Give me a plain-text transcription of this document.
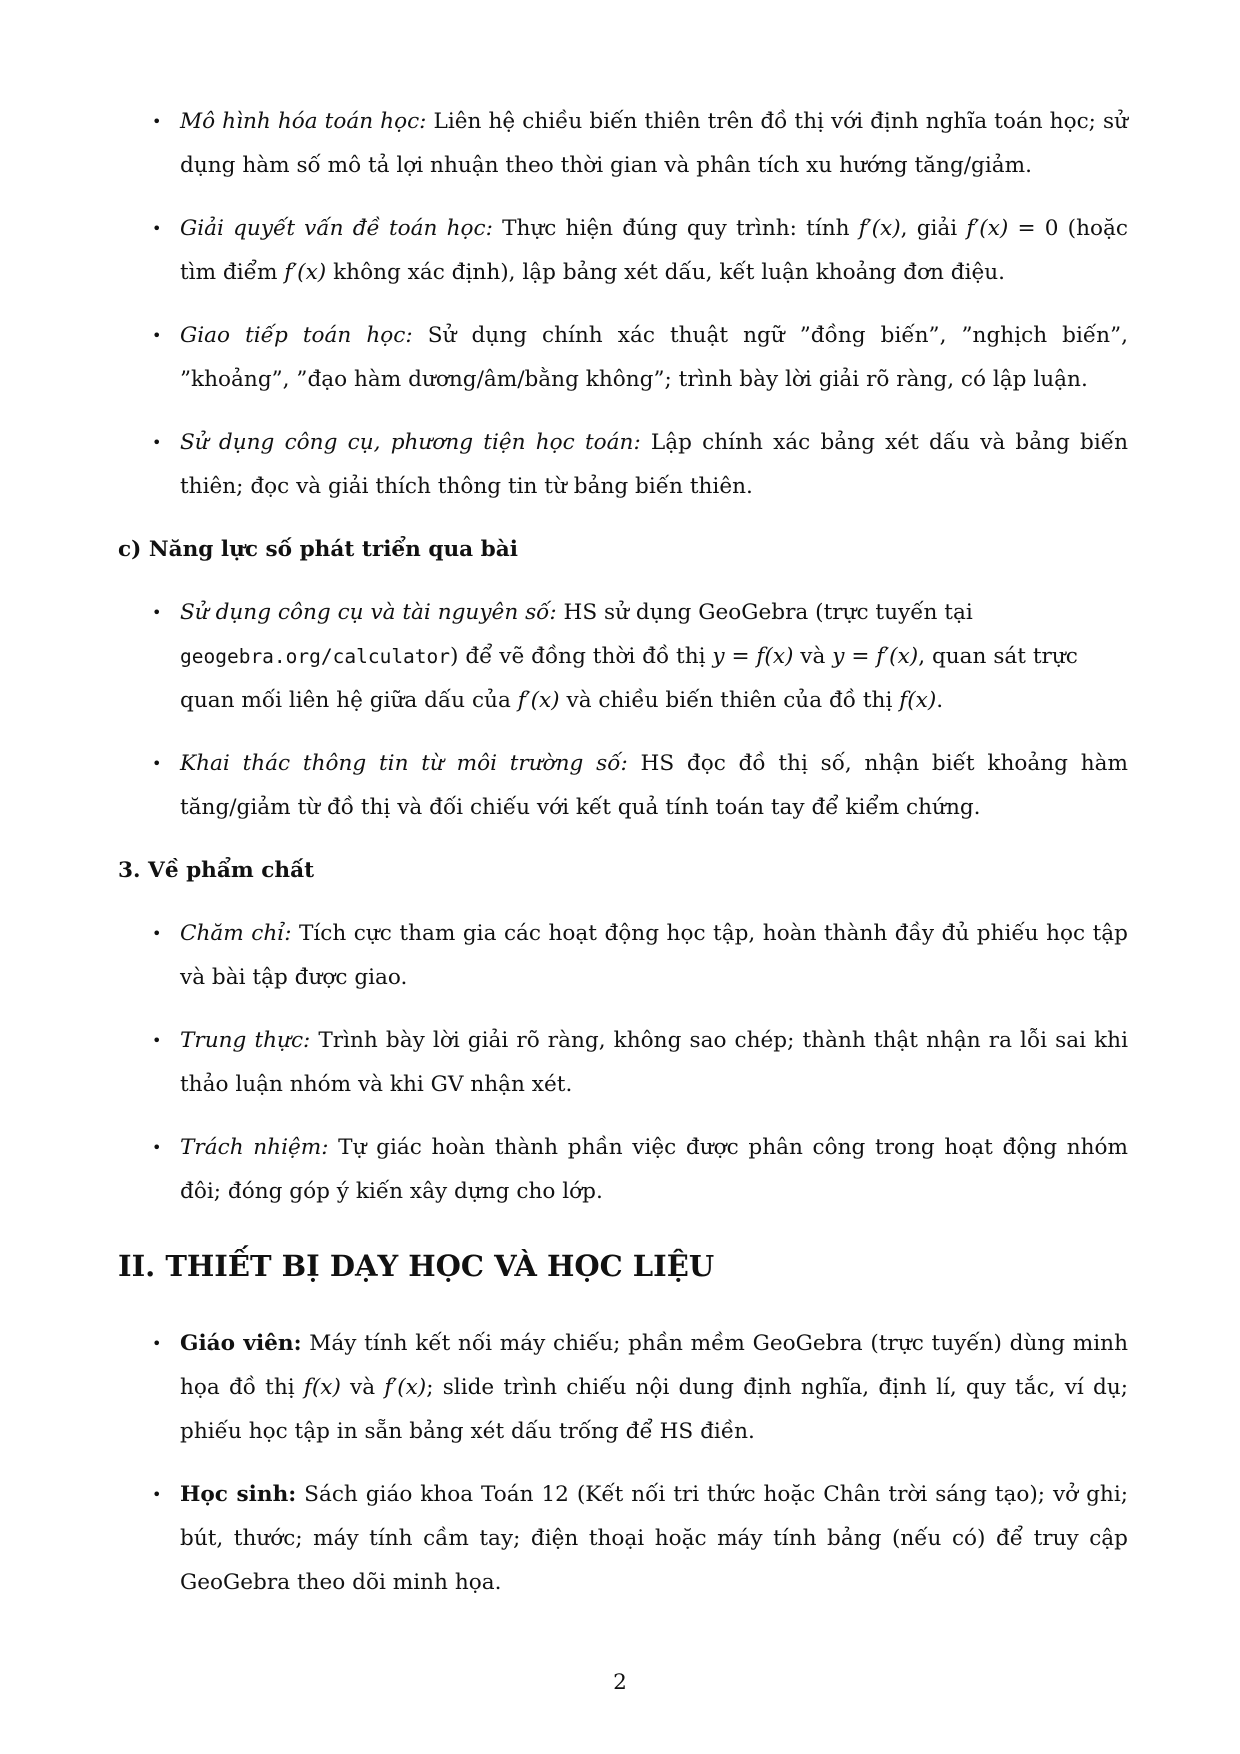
• Mô hình hóa toán học: Liên hệ chiều biến thiên trên đồ thị với định nghĩa toán học; sử dụng hàm số mô tả lợi nhuận theo thời gian và phân tích xu hướng tăng/giảm.
• Giải quyết vấn đề toán học: Thực hiện đúng quy trình: tính f′(x), giải f′(x) = 0 (hoặc tìm điểm f′(x) không xác định), lập bảng xét dấu, kết luận khoảng đơn điệu.
• Giao tiếp toán học: Sử dụng chính xác thuật ngữ ”đồng biến”, ”nghịch biến”, ”khoảng”, ”đạo hàm dương/âm/bằng không”; trình bày lời giải rõ ràng, có lập luận.
• Sử dụng công cụ, phương tiện học toán: Lập chính xác bảng xét dấu và bảng biến thiên; đọc và giải thích thông tin từ bảng biến thiên.
c) Năng lực số phát triển qua bài
• Sử dụng công cụ và tài nguyên số: HS sử dụng GeoGebra (trực tuyến tại geogebra.org/calculator) để vẽ đồng thời đồ thị y = f(x) và y = f′(x), quan sát trực quan mối liên hệ giữa dấu của f′(x) và chiều biến thiên của đồ thị f(x).
• Khai thác thông tin từ môi trường số: HS đọc đồ thị số, nhận biết khoảng hàm tăng/giảm từ đồ thị và đối chiếu với kết quả tính toán tay để kiểm chứng.
3. Về phẩm chất
• Chăm chỉ: Tích cực tham gia các hoạt động học tập, hoàn thành đầy đủ phiếu học tập và bài tập được giao.
• Trung thực: Trình bày lời giải rõ ràng, không sao chép; thành thật nhận ra lỗi sai khi thảo luận nhóm và khi GV nhận xét.
• Trách nhiệm: Tự giác hoàn thành phần việc được phân công trong hoạt động nhóm đôi; đóng góp ý kiến xây dựng cho lớp.
II. THIẾT BỊ DẠY HỌC VÀ HỌC LIỆU
• Giáo viên: Máy tính kết nối máy chiếu; phần mềm GeoGebra (trực tuyến) dùng minh họa đồ thị f(x) và f′(x); slide trình chiếu nội dung định nghĩa, định lí, quy tắc, ví dụ; phiếu học tập in sẵn bảng xét dấu trống để HS điền.
• Học sinh: Sách giáo khoa Toán 12 (Kết nối tri thức hoặc Chân trời sáng tạo); vở ghi; bút, thước; máy tính cầm tay; điện thoại hoặc máy tính bảng (nếu có) để truy cập GeoGebra theo dõi minh họa.
2
